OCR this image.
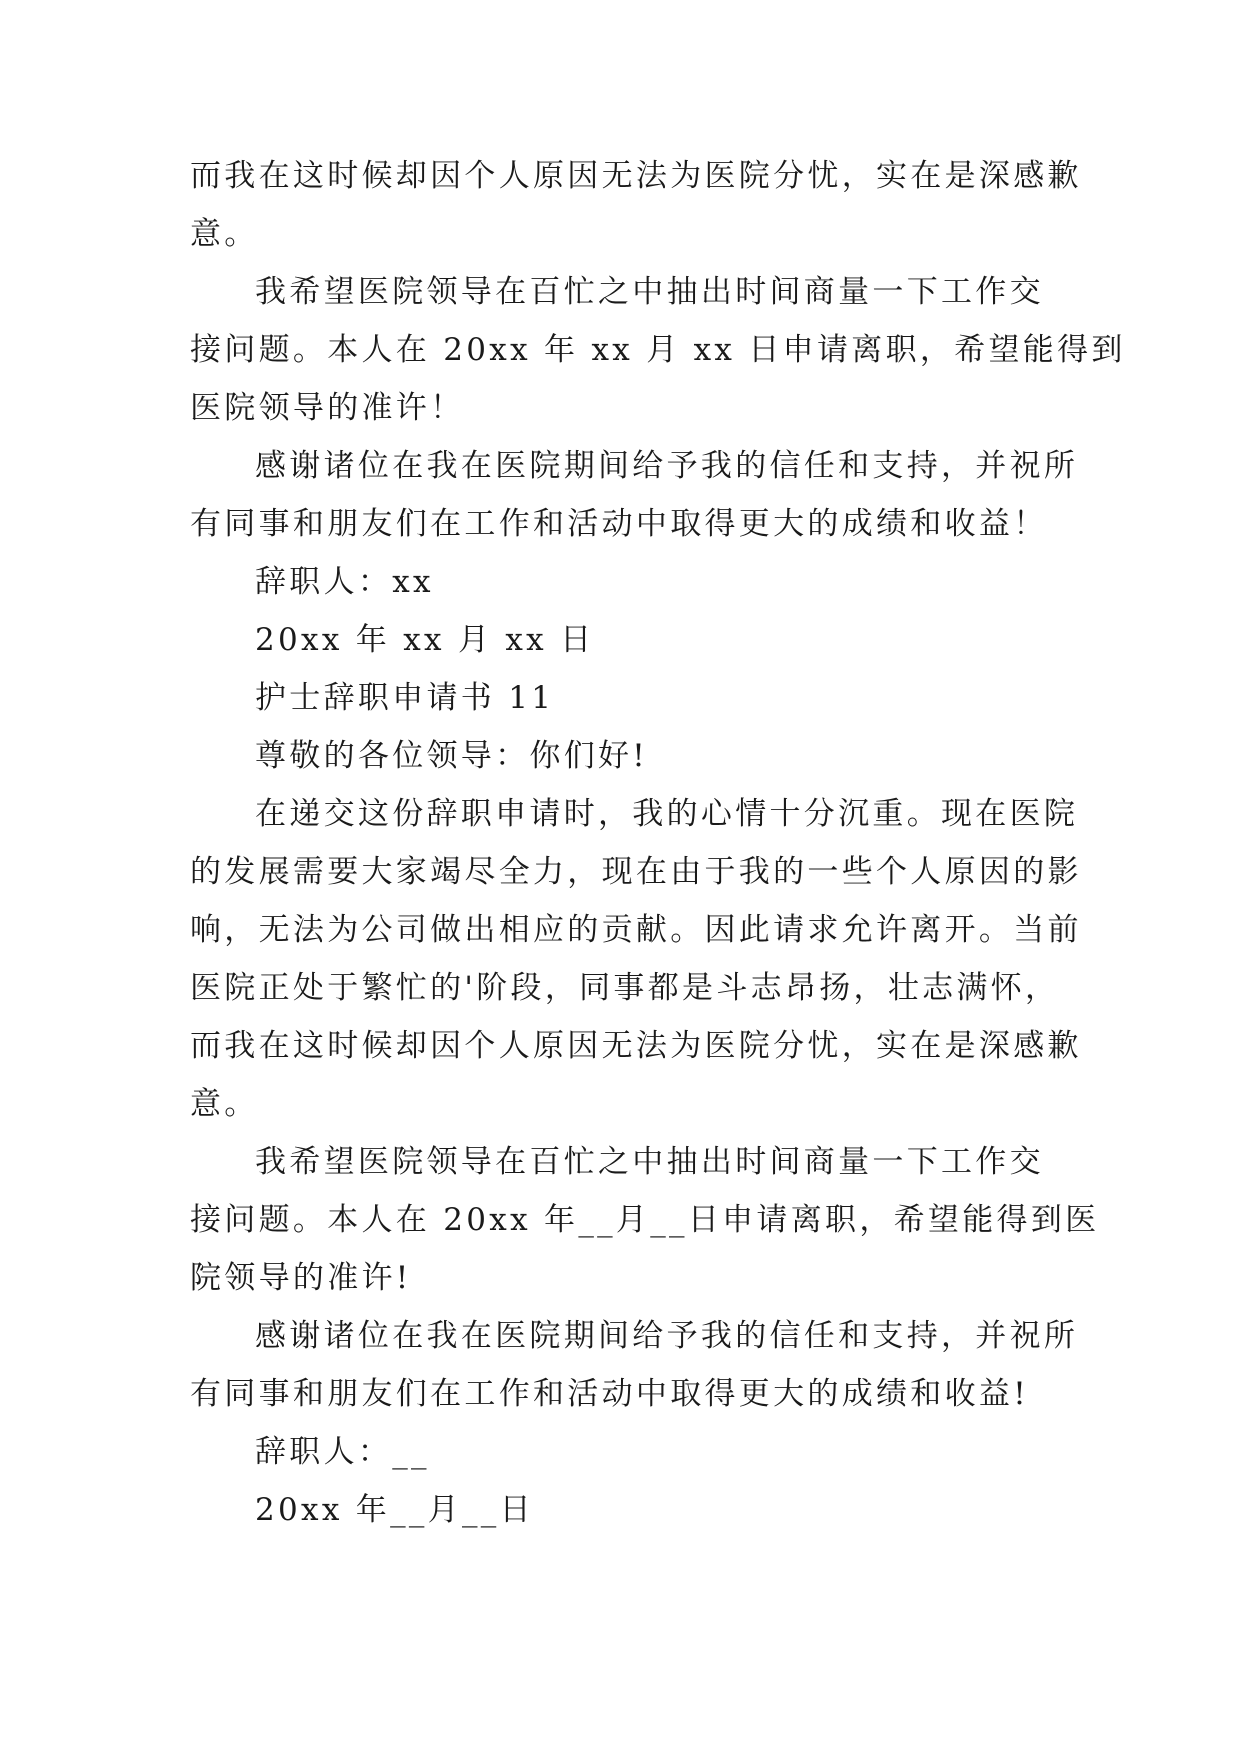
而我在这时候却因个人原因无法为医院分忧，实在是深感歉
意。
我希望医院领导在百忙之中抽出时间商量一下工作交
接问题。本人在 20xx 年 xx 月 xx 日申请离职，希望能得到
医院领导的准许！
感谢诸位在我在医院期间给予我的信任和支持，并祝所
有同事和朋友们在工作和活动中取得更大的成绩和收益！
辞职人：xx
20xx 年 xx 月 xx 日
护士辞职申请书 11
尊敬的各位领导：你们好!
在递交这份辞职申请时，我的心情十分沉重。现在医院
的发展需要大家竭尽全力，现在由于我的一些个人原因的影
响，无法为公司做出相应的贡献。因此请求允许离开。当前
医院正处于繁忙的'阶段，同事都是斗志昂扬，壮志满怀，
而我在这时候却因个人原因无法为医院分忧，实在是深感歉
意。
我希望医院领导在百忙之中抽出时间商量一下工作交
接问题。本人在 20xx 年__月__日申请离职，希望能得到医
院领导的准许!
感谢诸位在我在医院期间给予我的信任和支持，并祝所
有同事和朋友们在工作和活动中取得更大的成绩和收益!
辞职人：__
20xx 年__月__日
